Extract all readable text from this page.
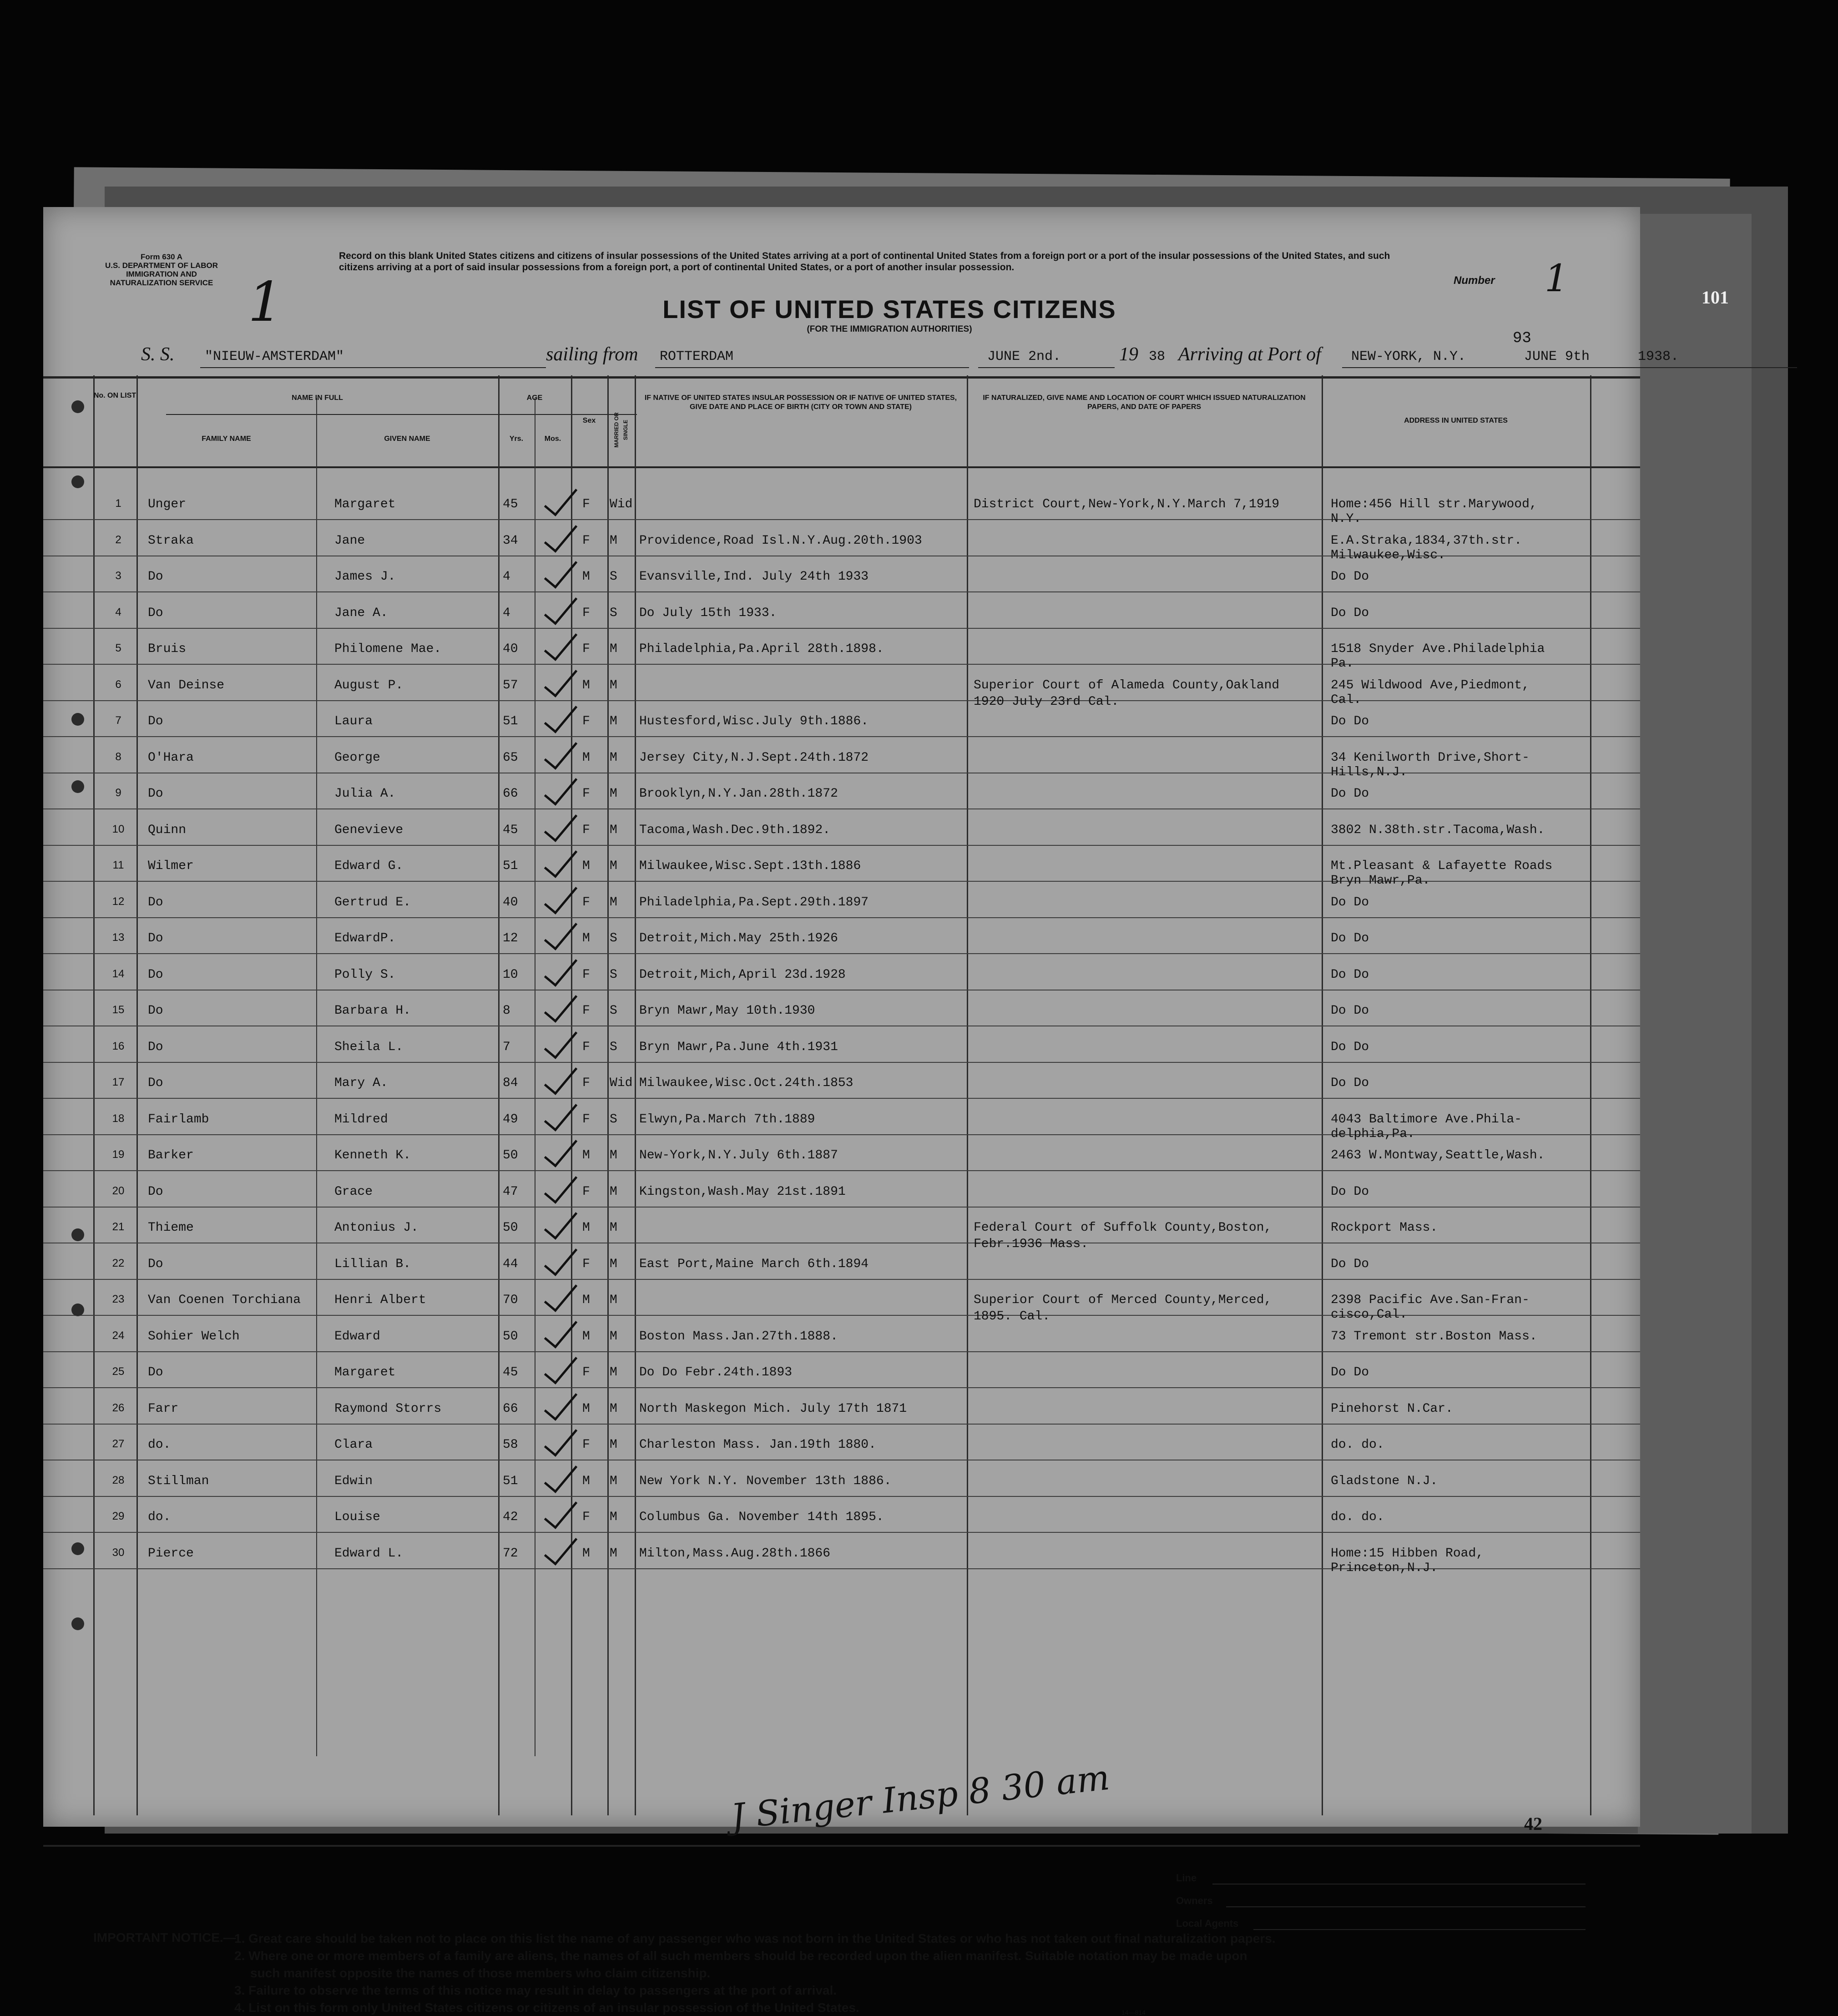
Form 630 A
U.S. DEPARTMENT OF LABOR
IMMIGRATION AND NATURALIZATION SERVICE 1
Record on this blank United States citizens and citizens of insular possessions of the United States arriving at a port of continental United States from a foreign port or a port of the insular possessions of the United States, and such citizens arriving at a port of said insular possessions from a foreign port, a port of continental United States, or a port of another insular possession.
Number 1	101
LIST OF UNITED STATES CITIZENS
(FOR THE IMMIGRATION AUTHORITIES)
93
S. S. "NIEUW-AMSTERDAM"	sailing from ROTTERDAM	JUNE 2nd.	19 38 Arriving at Port of NEW-YORK, N.Y.	JUNE 9th	1938.
No. ON LIST	NAME IN FULL
FAMILY NAME	GIVEN NAME
AGE
Yrs.	Mos.
Sex	MARRIED OR SINGLE
IF NATIVE OF UNITED STATES INSULAR POSSESSION OR IF NATIVE OF UNITED STATES, GIVE DATE AND PLACE OF BIRTH (CITY OR TOWN AND STATE)
IF NATURALIZED, GIVE NAME AND LOCATION OF COURT WHICH ISSUED NATURALIZATION PAPERS, AND DATE OF PAPERS
ADDRESS IN UNITED STATES
1	Unger	Margaret	45	F Wid	District Court,New-York,N.Y.March 7,1919	Home:456 Hill str.Marywood,
N.Y.
2	Straka	Jane	34	F M Providence,Road Isl.N.Y.Aug.20th.1903	E.A.Straka,1834,37th.str.
Milwaukee,Wisc.
3	Do	James J.	4	M S Evansville,Ind. July 24th 1933	Do Do
4	Do	Jane A.	4	F S Do July 15th 1933.	Do Do
5	Bruis	Philomene Mae.	40	F M Philadelphia,Pa.April 28th.1898.	1518 Snyder Ave.Philadelphia
Pa.
6	Van Deinse	August P.	57	M M	Superior Court of Alameda County,Oakland	245 Wildwood Ave,Piedmont,
1920 July 23rd Cal.	Cal.
7	Do	Laura	51	F M Hustesford,Wisc.July 9th.1886.	Do Do
8	O'Hara	George	65	M M Jersey City,N.J.Sept.24th.1872	34 Kenilworth Drive,Short-
Hills,N.J.
9	Do	Julia A.	66	F M Brooklyn,N.Y.Jan.28th.1872	Do Do
10	Quinn	Genevieve	45	F M Tacoma,Wash.Dec.9th.1892.	3802 N.38th.str.Tacoma,Wash.
11	Wilmer	Edward G.	51	M M Milwaukee,Wisc.Sept.13th.1886	Mt.Pleasant & Lafayette Roads
Bryn Mawr,Pa.
12	Do	Gertrud E.	40	F M Philadelphia,Pa.Sept.29th.1897	Do Do
13	Do	EdwardP.	12	M S Detroit,Mich.May 25th.1926	Do Do
14	Do	Polly S.	10	F S Detroit,Mich,April 23d.1928	Do Do
15	Do	Barbara H.	8	F S Bryn Mawr,May 10th.1930	Do Do
16	Do	Sheila L.	7	F S Bryn Mawr,Pa.June 4th.1931	Do Do
17	Do	Mary A.	84	F Wid Milwaukee,Wisc.Oct.24th.1853	Do Do
18	Fairlamb	Mildred	49	F S Elwyn,Pa.March 7th.1889	4043 Baltimore Ave.Phila-
delphia,Pa.
19	Barker	Kenneth K.	50	M M New-York,N.Y.July 6th.1887	2463 W.Montway,Seattle,Wash.
20	Do	Grace	47	F M Kingston,Wash.May 21st.1891	Do Do
21	Thieme	Antonius J.	50	M M	Federal Court of Suffolk County,Boston,	Rockport Mass.
Febr.1936 Mass.
22	Do	Lillian B.	44	F M East Port,Maine March 6th.1894	Do Do
23	Van Coenen Torchiana	Henri Albert	70	M M	Superior Court of Merced County,Merced,	2398 Pacific Ave.San-Fran-
1895. Cal.	cisco,Cal.
24	Sohier Welch	Edward	50	M M Boston Mass.Jan.27th.1888.	73 Tremont str.Boston Mass.
25	Do	Margaret	45	F M Do Do Febr.24th.1893	Do Do
26	Farr	Raymond Storrs	66	M M North Maskegon Mich. July 17th 1871	Pinehorst N.Car.
27	do.	Clara	58	F M Charleston Mass. Jan.19th 1880.	do. do.
28	Stillman	Edwin	51	M M New York N.Y. November 13th 1886.	Gladstone N.J.
29	do.	Louise	42	F M Columbus Ga. November 14th 1895.	do. do.
30	Pierce	Edward L.	72	M M Milton,Mass.Aug.28th.1866	Home:15 Hibben Road,
Princeton,N.J.
J Singer Insp 8 30 am	42
Line
Owners
Local Agents
IMPORTANT NOTICE.—
1. Great care should be taken not to place on this list the name of any passenger who was not born in the United States or who has not taken out final naturalization papers.
2. Where one or more members of a family are aliens, the names of all such members should be recorded upon the alien manifest. Suitable notation may be made upon
such manifest opposite the names of those members who claim citizenship.
3. Failure to observe the terms of this notice may result in delay to passengers at the port of arrival.
4. List on this form only United States citizens or citizens of an insular possession of the United States.	14—814
